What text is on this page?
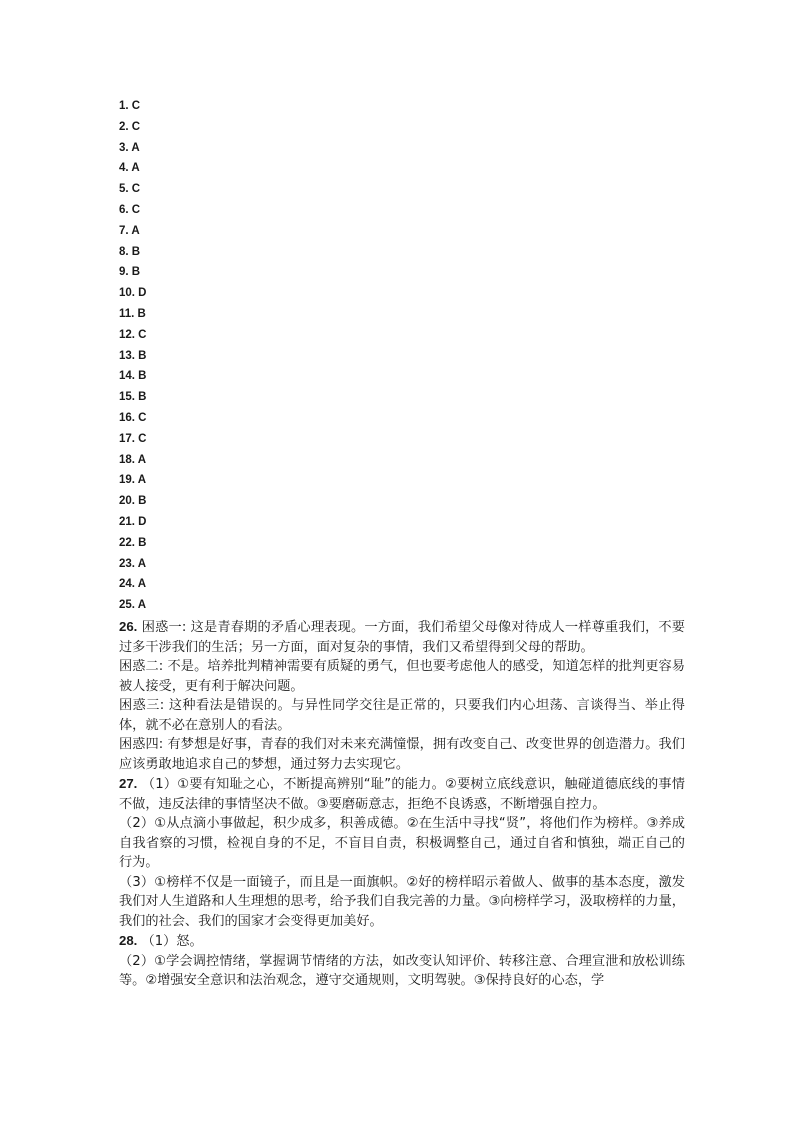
1. C
2. C
3. A
4. A
5. C
6. C
7. A
8. B
9. B
10. D
11. B
12. C
13. B
14. B
15. B
16. C
17. C
18. A
19. A
20. B
21. D
22. B
23. A
24. A
25. A
26. 困惑一: 这是青春期的矛盾心理表现。一方面，我们希望父母像对待成人一样尊重我们，不要过多干涉我们的生活；另一方面，面对复杂的事情，我们又希望得到父母的帮助。
困惑二: 不是。培养批判精神需要有质疑的勇气，但也要考虑他人的感受，知道怎样的批判更容易被人接受，更有利于解决问题。
困惑三: 这种看法是错误的。与异性同学交往是正常的，只要我们内心坦荡、言谈得当、举止得体，就不必在意别人的看法。
困惑四: 有梦想是好事，青春的我们对未来充满憧憬，拥有改变自己、改变世界的创造潜力。我们应该勇敢地追求自己的梦想，通过努力去实现它。
27. （1）①要有知耻之心，不断提高辨别“耻”的能力。②要树立底线意识，触碰道德底线的事情不做，违反法律的事情坚决不做。③要磨砺意志，拒绝不良诱惑，不断增强自控力。
（2）①从点滴小事做起，积少成多，积善成德。②在生活中寻找“贤”，将他们作为榜样。③养成自我省察的习惯，检视自身的不足，不盲目自责，积极调整自己，通过自省和慎独，端正自己的行为。
（3）①榜样不仅是一面镜子，而且是一面旗帜。②好的榜样昭示着做人、做事的基本态度，激发我们对人生道路和人生理想的思考，给予我们自我完善的力量。③向榜样学习，汲取榜样的力量，我们的社会、我们的国家才会变得更加美好。
28. （1）怒。
（2）①学会调控情绪，掌握调节情绪的方法，如改变认知评价、转移注意、合理宣泄和放松训练等。②增强安全意识和法治观念，遵守交通规则，文明驾驶。③保持良好的心态，学
